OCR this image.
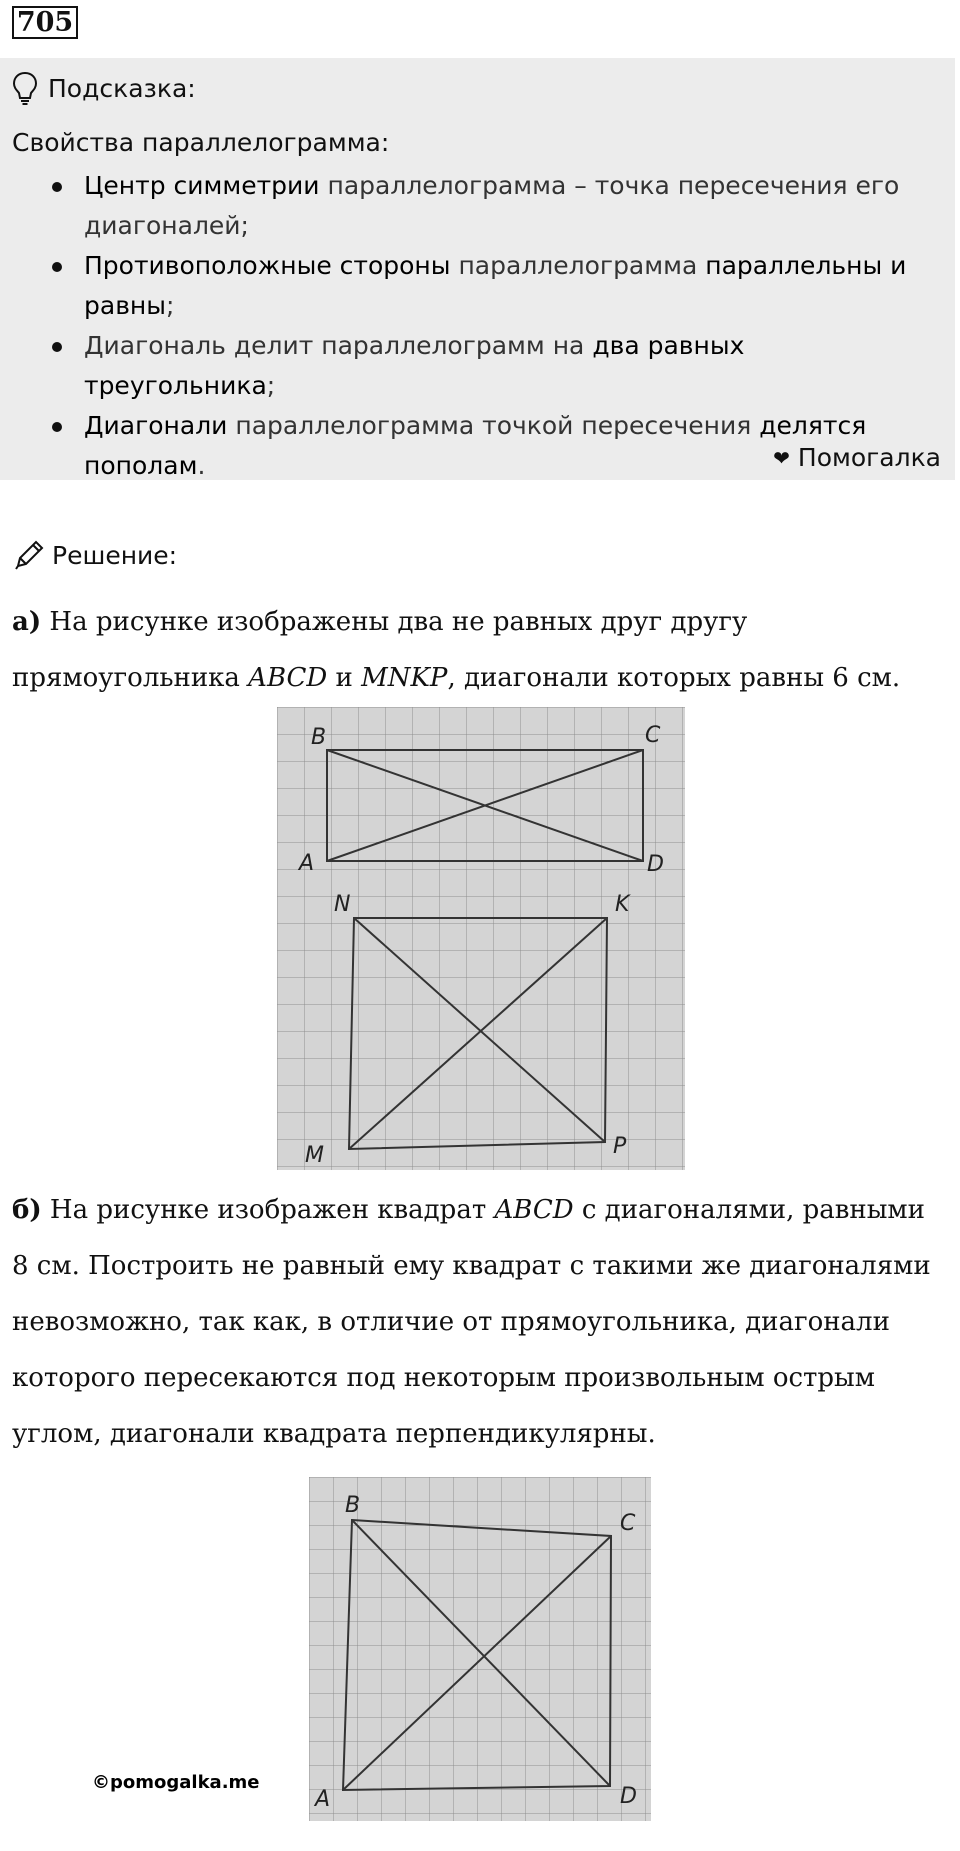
705
Подсказка:
Свойства параллелограмма:
Центр симметрии параллелограмма – точка пересечения его диагоналей;
Противоположные стороны параллелограмма параллельны и равны;
Диагональ делит параллелограмм на два равных треугольника;
Диагонали параллелограмма точкой пересечения делятся пополам.	❤ Помогалка
Решение:
а) На рисунке изображены два не равных друг другу прямоугольника ABCD и MNKP, диагонали которых равны 6 см.
B	C
A	D
N	K
M	P
б) На рисунке изображен квадрат ABCD с диагоналями, равными 8 см. Построить не равный ему квадрат с такими же диагоналями невозможно, так как, в отличие от прямоугольника, диагонали которого пересекаются под некоторым произвольным острым углом, диагонали квадрата перпендикулярны.
B
C
A	D
©pomogalka.me
